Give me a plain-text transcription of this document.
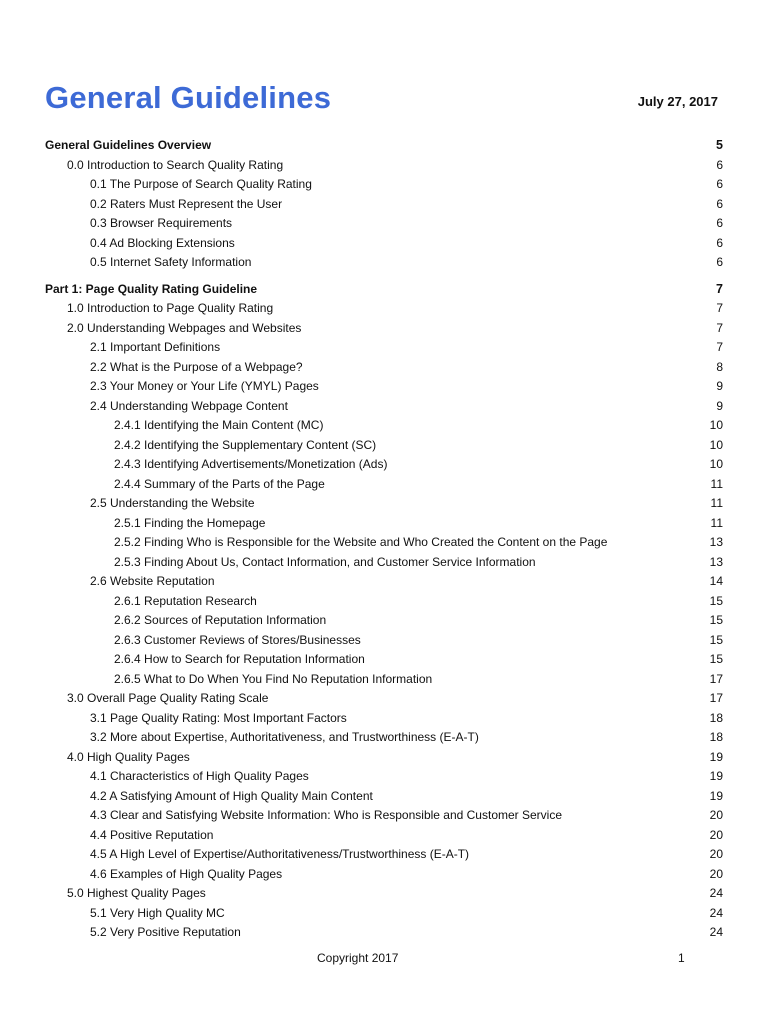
General Guidelines	July 27, 2017
General Guidelines Overview	5
0.0 Introduction to Search Quality Rating	6
0.1 The Purpose of Search Quality Rating	6
0.2 Raters Must Represent the User	6
0.3 Browser Requirements	6
0.4 Ad Blocking Extensions	6
0.5 Internet Safety Information	6
Part 1: Page Quality Rating Guideline	7
1.0 Introduction to Page Quality Rating	7
2.0 Understanding Webpages and Websites	7
2.1 Important Definitions	7
2.2 What is the Purpose of a Webpage?	8
2.3 Your Money or Your Life (YMYL) Pages	9
2.4 Understanding Webpage Content	9
2.4.1 Identifying the Main Content (MC)	10
2.4.2 Identifying the Supplementary Content (SC)	10
2.4.3 Identifying Advertisements/Monetization (Ads)	10
2.4.4 Summary of the Parts of the Page	11
2.5 Understanding the Website	11
2.5.1 Finding the Homepage	11
2.5.2 Finding Who is Responsible for the Website and Who Created the Content on the Page	13
2.5.3 Finding About Us, Contact Information, and Customer Service Information	13
2.6 Website Reputation	14
2.6.1 Reputation Research	15
2.6.2 Sources of Reputation Information	15
2.6.3 Customer Reviews of Stores/Businesses	15
2.6.4 How to Search for Reputation Information	15
2.6.5 What to Do When You Find No Reputation Information	17
3.0 Overall Page Quality Rating Scale	17
3.1 Page Quality Rating: Most Important Factors	18
3.2 More about Expertise, Authoritativeness, and Trustworthiness (E-A-T)	18
4.0 High Quality Pages	19
4.1 Characteristics of High Quality Pages	19
4.2 A Satisfying Amount of High Quality Main Content	19
4.3 Clear and Satisfying Website Information: Who is Responsible and Customer Service	20
4.4 Positive Reputation	20
4.5 A High Level of Expertise/Authoritativeness/Trustworthiness (E-A-T)	20
4.6 Examples of High Quality Pages	20
5.0 Highest Quality Pages	24
5.1 Very High Quality MC	24
5.2 Very Positive Reputation	24
Copyright 2017	1
